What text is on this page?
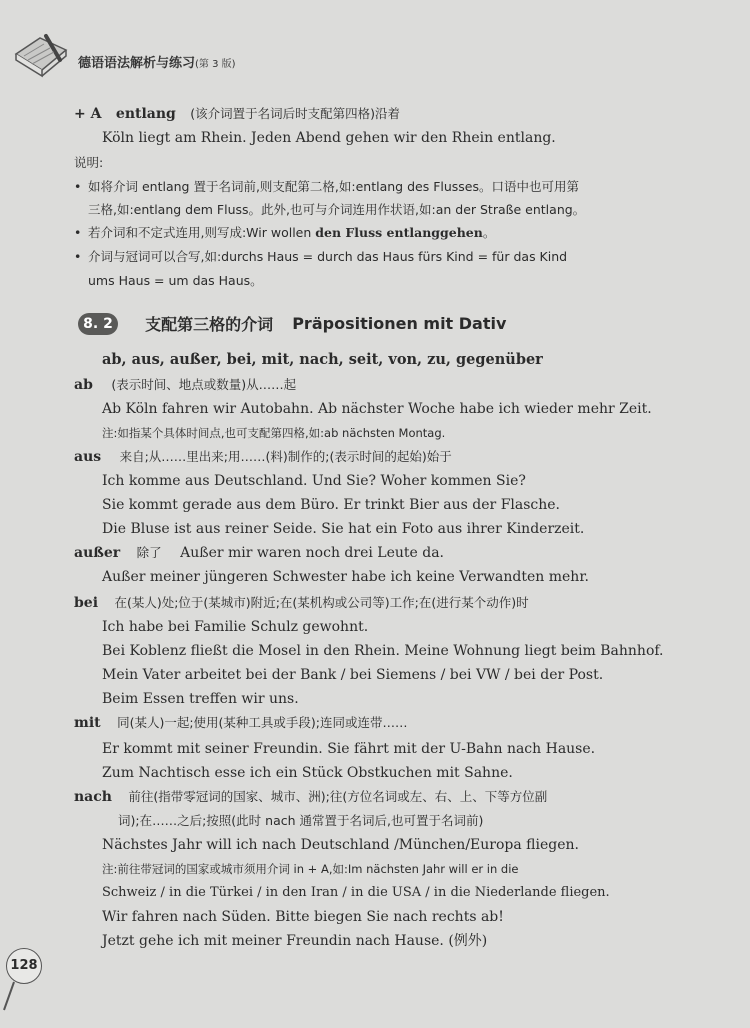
德语语法解析与练习(第 3 版)
+ A entlang (该介词置于名词后时支配第四格)沿着
Köln liegt am Rhein. Jeden Abend gehen wir den Rhein entlang.
说明:
• 如将介词 entlang 置于名词前,则支配第二格,如:entlang des Flusses。口语中也可用第
三格,如:entlang dem Fluss。此外,也可与介词连用作状语,如:an der Straße entlang。
• 若介词和不定式连用,则写成:Wir wollen den Fluss entlanggehen。
• 介词与冠词可以合写,如:durchs Haus = durch das Haus fürs Kind = für das Kind
ums Haus = um das Haus。
8. 2 支配第三格的介词 Präpositionen mit Dativ
ab, aus, außer, bei, mit, nach, seit, von, zu, gegenüber
ab (表示时间、地点或数量)从……起
Ab Köln fahren wir Autobahn. Ab nächster Woche habe ich wieder mehr Zeit.
注:如指某个具体时间点,也可支配第四格,如:ab nächsten Montag.
aus 来自;从……里出来;用……(料)制作的;(表示时间的起始)始于
Ich komme aus Deutschland. Und Sie? Woher kommen Sie?
Sie kommt gerade aus dem Büro. Er trinkt Bier aus der Flasche.
Die Bluse ist aus reiner Seide. Sie hat ein Foto aus ihrer Kinderzeit.
außer 除了 Außer mir waren noch drei Leute da.
Außer meiner jüngeren Schwester habe ich keine Verwandten mehr.
bei 在(某人)处;位于(某城市)附近;在(某机构或公司等)工作;在(进行某个动作)时
Ich habe bei Familie Schulz gewohnt.
Bei Koblenz fließt die Mosel in den Rhein. Meine Wohnung liegt beim Bahnhof.
Mein Vater arbeitet bei der Bank / bei Siemens / bei VW / bei der Post.
Beim Essen treffen wir uns.
mit 同(某人)一起;使用(某种工具或手段);连同或连带……
Er kommt mit seiner Freundin. Sie fährt mit der U-Bahn nach Hause.
Zum Nachtisch esse ich ein Stück Obstkuchen mit Sahne.
nach 前往(指带零冠词的国家、城市、洲);往(方位名词或左、右、上、下等方位副
词);在……之后;按照(此时 nach 通常置于名词后,也可置于名词前)
Nächstes Jahr will ich nach Deutschland /München/Europa fliegen.
注:前往带冠词的国家或城市须用介词 in + A,如:Im nächsten Jahr will er in die
Schweiz / in die Türkei / in den Iran / in die USA / in die Niederlande fliegen.
Wir fahren nach Süden. Bitte biegen Sie nach rechts ab!
Jetzt gehe ich mit meiner Freundin nach Hause. (例外)
128
